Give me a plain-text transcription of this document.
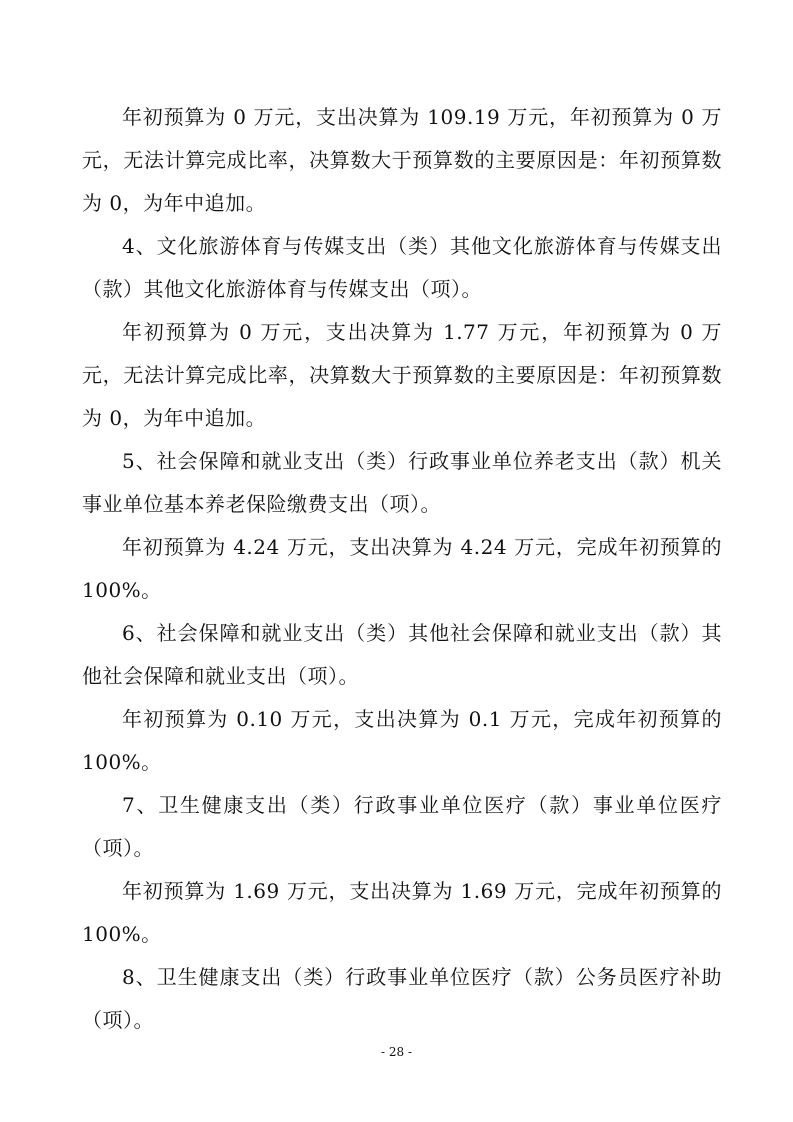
年初预算为 0 万元，支出决算为 109.19 万元，年初预算为 0 万元，无法计算完成比率，决算数大于预算数的主要原因是：年初预算数为 0，为年中追加。

4、文化旅游体育与传媒支出（类）其他文化旅游体育与传媒支出（款）其他文化旅游体育与传媒支出（项）。

年初预算为 0 万元，支出决算为 1.77 万元，年初预算为 0 万元，无法计算完成比率，决算数大于预算数的主要原因是：年初预算数为 0，为年中追加。

5、社会保障和就业支出（类）行政事业单位养老支出（款）机关事业单位基本养老保险缴费支出（项）。

年初预算为 4.24 万元，支出决算为 4.24 万元，完成年初预算的 100%。

6、社会保障和就业支出（类）其他社会保障和就业支出（款）其他社会保障和就业支出（项）。

年初预算为 0.10 万元，支出决算为 0.1 万元，完成年初预算的 100%。

7、卫生健康支出（类）行政事业单位医疗（款）事业单位医疗（项）。

年初预算为 1.69 万元，支出决算为 1.69 万元，完成年初预算的 100%。

8、卫生健康支出（类）行政事业单位医疗（款）公务员医疗补助（项）。

- 28 -
